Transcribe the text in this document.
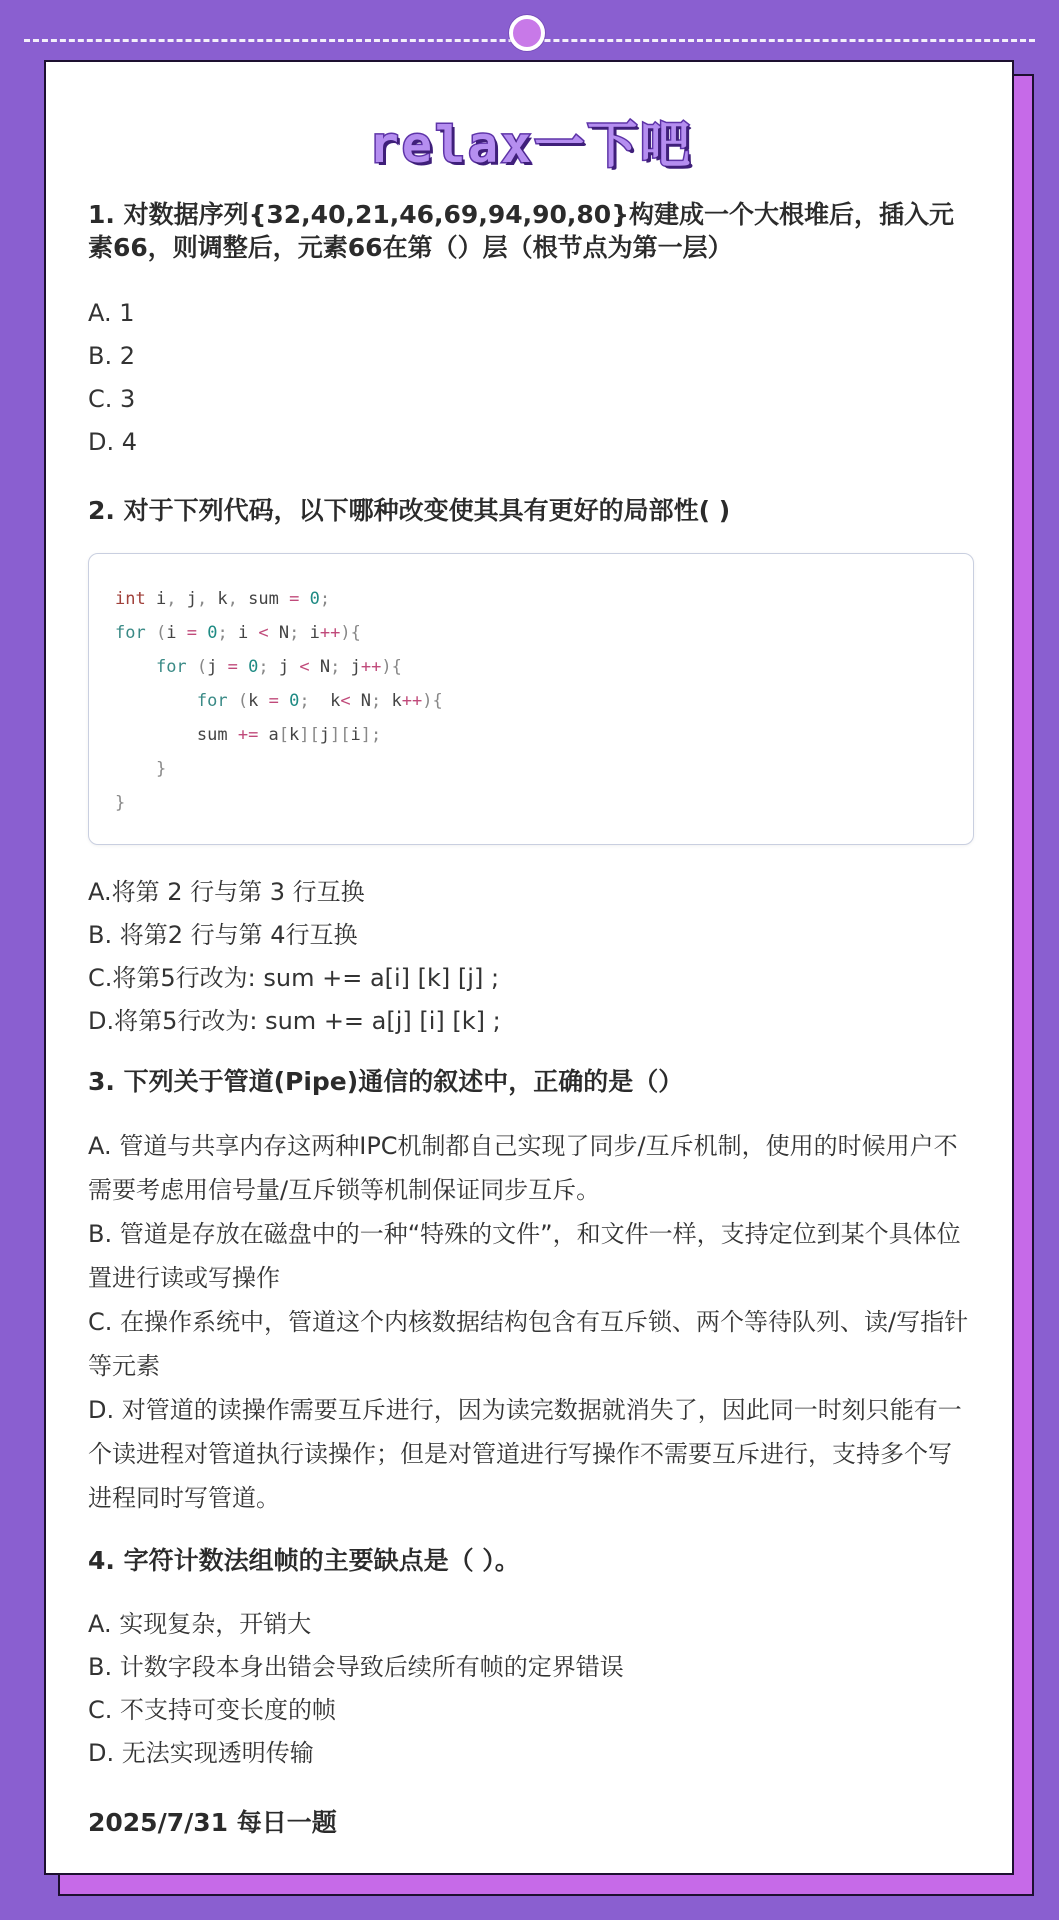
relax一下吧
1. 对数据序列{32,40,21,46,69,94,90,80}构建成一个大根堆后，插入元素66，则调整后，元素66在第（）层（根节点为第一层）
A. 1
B. 2
C. 3
D. 4
2. 对于下列代码，以下哪种改变使其具有更好的局部性( )
int i, j, k, sum = 0;
for (i = 0; i < N; i++){
for (j = 0; j < N; j++){
for (k = 0;  k< N; k++){
sum += a[k][j][i];
}
}
A.将第 2 行与第 3 行互换
B. 将第2 行与第 4行互换
C.将第5行改为: sum += a[i] [k] [j] ;
D.将第5行改为: sum += a[j] [i] [k] ;
3. 下列关于管道(Pipe)通信的叙述中，正确的是（）
A. 管道与共享内存这两种IPC机制都自己实现了同步/互斥机制，使用的时候用户不需要考虑用信号量/互斥锁等机制保证同步互斥。
B. 管道是存放在磁盘中的一种“特殊的文件”，和文件一样，支持定位到某个具体位置进行读或写操作
C. 在操作系统中，管道这个内核数据结构包含有互斥锁、两个等待队列、读/写指针等元素
D. 对管道的读操作需要互斥进行，因为读完数据就消失了，因此同一时刻只能有一个读进程对管道执行读操作；但是对管道进行写操作不需要互斥进行，支持多个写进程同时写管道。
4. 字符计数法组帧的主要缺点是（ ）。
A. 实现复杂，开销大
B. 计数字段本身出错会导致后续所有帧的定界错误
C. 不支持可变长度的帧
D. 无法实现透明传输
2025/7/31 每日一题
